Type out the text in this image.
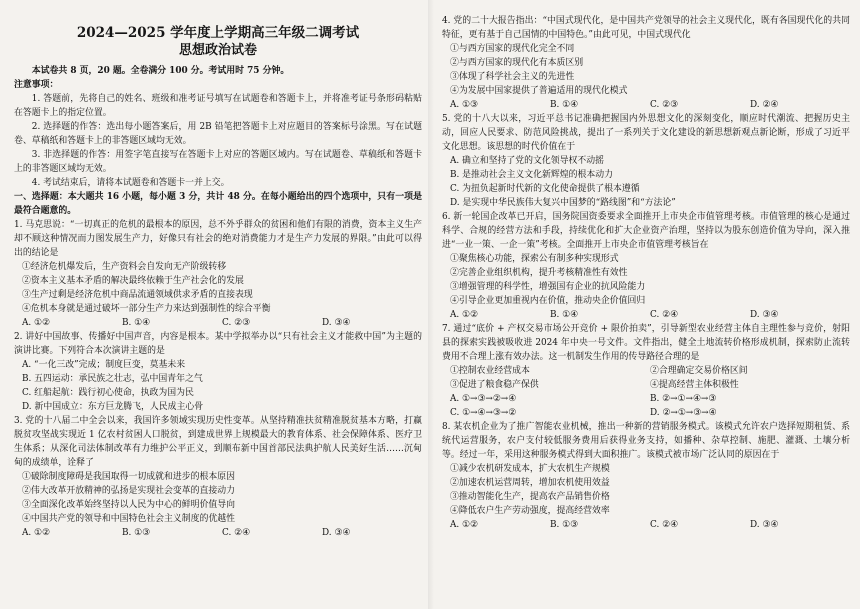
2024—2025 学年度上学期高三年级二调考试
思想政治试卷

本试卷共 8 页，20 题。全卷满分 100 分。考试用时 75 分钟。

注意事项：

1. 答题前，先将自己的姓名、班级和准考证号填写在试题卷和答题卡上，并将准考证号条形码粘贴在答题卡上的指定位置。

2. 选择题的作答：选出每小题答案后，用 2B 铅笔把答题卡上对应题目的答案标号涂黑。写在试题卷、草稿纸和答题卡上的非答题区域均无效。

3. 非选择题的作答：用签字笔直接写在答题卡上对应的答题区域内。写在试题卷、草稿纸和答题卡上的非答题区域均无效。

4. 考试结束后，请将本试题卷和答题卡一并上交。

一、选择题：本大题共 16 小题，每小题 3 分，共计 48 分。在每小题给出的四个选项中，只有一项是最符合题意的。

1. 马克思说：“一切真正的危机的最根本的原因，总不外乎群众的贫困和他们有限的消费，资本主义生产却不顾这种情况而力图发展生产力，好像只有社会的绝对消费能力才是生产力发展的界限。”由此可以得出的结论是

①经济危机爆发后，生产资料会自发向无产阶级转移
②资本主义基本矛盾的解决最终依赖于生产社会化的发展
③生产过剩是经济危机中商品流通领域供求矛盾的直接表现
④危机本身就是通过破坏一部分生产力来达到强制性的综合平衡
A. ①②	B. ①④	C. ②③	D. ③④

2. 讲好中国故事、传播好中国声音，内容是根本。某中学拟举办以“只有社会主义才能救中国”为主题的演讲比赛。下列符合本次演讲主题的是

A. “一化三改”完成；制度巨变，莫基未来
B. 五四运动：承民族之壮志，弘中国青年之气
C. 红船起航：践行初心使命，执政为国为民
D. 新中国成立：东方巨龙腾飞，人民成主心骨

3. 党的十八届二中全会以来，我国许多领域实现历史性变革。从坚持精准扶贫精准脱贫基本方略，打赢脱贫攻坚战实现近 1 亿农村贫困人口脱贫，到建成世界上规模最大的教育体系、社会保障体系、医疗卫生体系；从深化司法体制改革有力维护公平正义，到顺布新中国首部民法典护航人民美好生活……沉甸甸的成绩单，诠释了

①破除制度障碍是我国取得一切成就和进步的根本原因
②伟大改革开放精神的弘扬是实现社会变革的直接动力
③全面深化改革始终坚持以人民为中心的鲜明价值导向
④中国共产党的领导和中国特色社会主义制度的优越性
A. ①②	B. ①③	C. ②④	D. ③④

4. 党的二十大报告指出：“中国式现代化，是中国共产党领导的社会主义现代化，既有各国现代化的共同特征，更有基于自己国情的中国特色。”由此可见，中国式现代化

①与西方国家的现代化完全不同
②与西方国家的现代化有本质区别
③体现了科学社会主义的先进性
④为发展中国家提供了普遍适用的现代化模式
A. ①③	B. ①④	C. ②③	D. ②④

5. 党的十八大以来，习近平总书记准确把握国内外思想文化的深刻变化，顺应时代潮流、把握历史主动，回应人民要求、防范风险挑战，提出了一系列关于文化建设的新思想新观点新论断，形成了习近平文化思想。该思想的时代价值在于

A. 确立和坚持了党的文化领导权不动摇
B. 是推动社会主义文化新辉煌的根本动力
C. 为扭负起新时代新的文化使命提供了根本遵循
D. 是实现中华民族伟大复兴中国梦的“路线图”和“方法论”

6. 新一轮国企改革已开启，国务院国资委要求全面推开上市央企市值管理考核。市值管理的核心是通过科学、合规的经营方法和手段，持续优化和扩大企业资产治理，坚持以为股东创造价值为导向，深入推进“一业一策、一企一策”考核。全面推开上市央企市值管理考核旨在

①聚焦核心功能，探索公有制多种实现形式
②完善企业组织机构，提升考核精准性有效性
③增强管理的科学性，增强国有企业的抗风险能力
④引导企业更加重视内在价值，推动央企价值回归
A. ①②	B. ①④	C. ②④	D. ③④

7. 通过“底价 + 产权交易市场公开竞价 + 限价拍卖”，引导新型农业经营主体自主理性参与竞价，射阳县的探索实践被吸收进 2024 年中央一号文件。文件指出，健全土地流转价格形成机制，探索防止流转费用不合理上涨有效办法。这一机制发生作用的传导路径合理的是

①控制农业经营成本	②合理确定交易价格区间
③促进了粮食稳产保供	④提高经营主体积极性
A. ①→③→②→④	B. ②→①→④→③
C. ①→④→③→②	D. ②→①→③→④

8. 某农机企业为了推广智能农业机械，推出一种新的营销服务模式。该模式允许农户选择短期租赁、系统代运营服务，农户支付较低服务费用后获得业务支持，如播种、杂草控制、施肥、灌溉、土壤分析等。经过一年，采用这种服务模式得到大面积推广。该模式被市场广泛认同的原因在于

①减少农机研发成本，扩大农机生产规模
②加速农机运营周转，增加农机使用效益
③推动智能化生产，提高农产品销售价格
④降低农户生产劳动强度，提高经营效率
A. ①②	B. ①③	C. ②④	D. ③④
